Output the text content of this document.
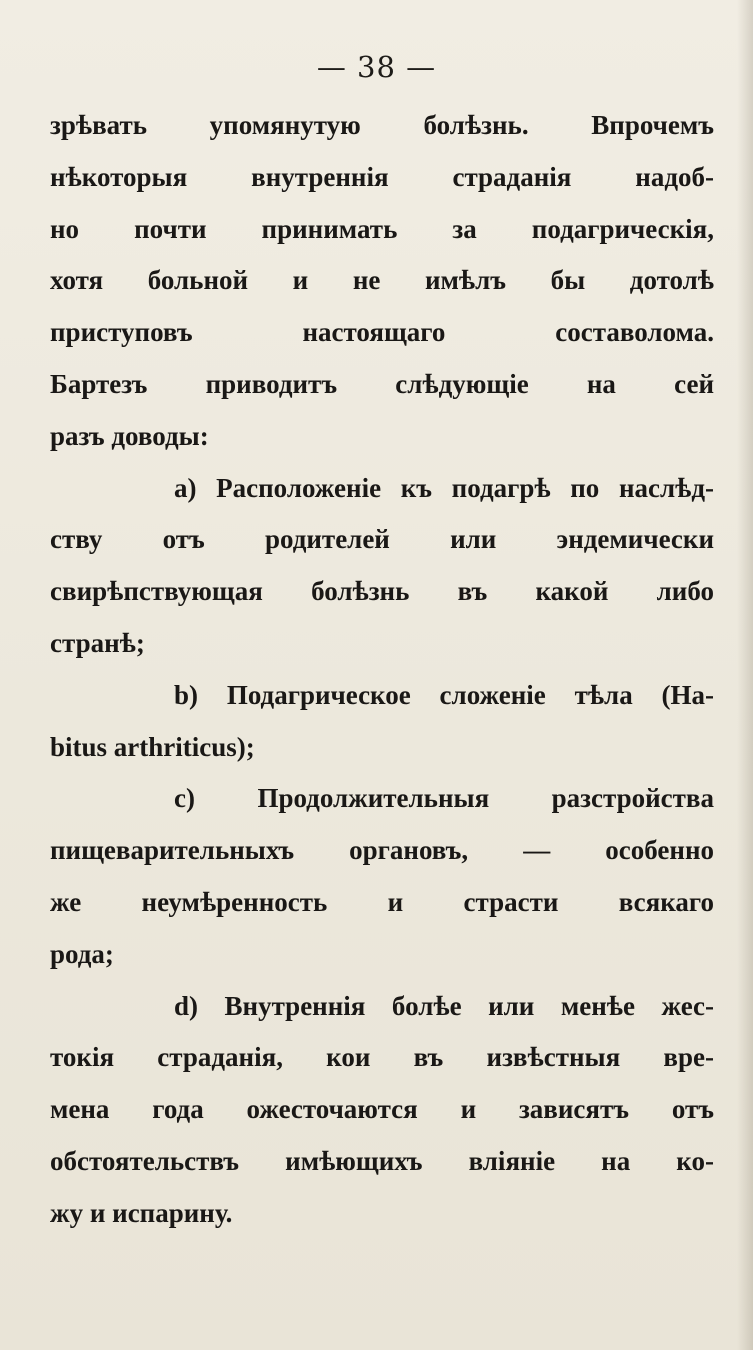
— 38 —
зрѣвать упомянутую болѣзнь. Впрочемъ
нѣкоторыя внутреннія страданія надоб-
но почти принимать за подагрическія,
хотя больной и не имѣлъ бы дотолѣ
приступовъ настоящаго составолома.
Бартезъ приводитъ слѣдующіе на сей
разъ доводы:
a) Расположеніе къ подагрѣ по наслѣд-
ству отъ родителей или эндемически
свирѣпствующая болѣзнь въ какой либо
странѣ;
b) Подагрическое сложеніе тѣла (Ha-
bitus arthriticus);
c) Продолжительныя разстройства
пищеварительныхъ органовъ, — особенно
же неумѣренность и страсти всякаго
рода;
d) Внутреннія болѣе или менѣе жес-
токія страданія, кои въ извѣстныя вре-
мена года ожесточаются и зависятъ отъ
обстоятельствъ имѣющихъ вліяніе на ко-
жу и испарину.
